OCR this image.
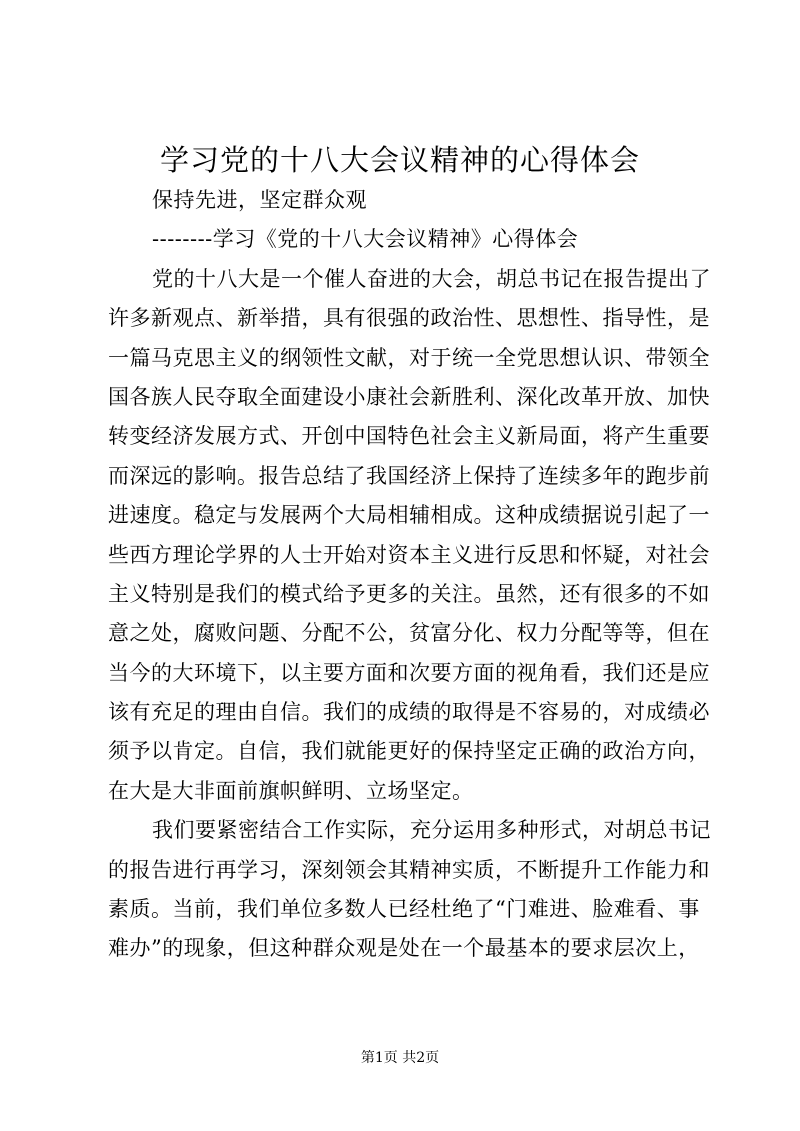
学习党的十八大会议精神的心得体会

保持先进，坚定群众观

--------学习《党的十八大会议精神》心得体会

党的十八大是一个催人奋进的大会，胡总书记在报告提出了

许多新观点、新举措，具有很强的政治性、思想性、指导性，是

一篇马克思主义的纲领性文献，对于统一全党思想认识、带领全

国各族人民夺取全面建设小康社会新胜利、深化改革开放、加快

转变经济发展方式、开创中国特色社会主义新局面，将产生重要

而深远的影响。报告总结了我国经济上保持了连续多年的跑步前

进速度。稳定与发展两个大局相辅相成。这种成绩据说引起了一

些西方理论学界的人士开始对资本主义进行反思和怀疑，对社会

主义特别是我们的模式给予更多的关注。虽然，还有很多的不如

意之处，腐败问题、分配不公，贫富分化、权力分配等等，但在

当今的大环境下，以主要方面和次要方面的视角看，我们还是应

该有充足的理由自信。我们的成绩的取得是不容易的，对成绩必

须予以肯定。自信，我们就能更好的保持坚定正确的政治方向，

在大是大非面前旗帜鲜明、立场坚定。

我们要紧密结合工作实际，充分运用多种形式，对胡总书记

的报告进行再学习，深刻领会其精神实质，不断提升工作能力和

素质。当前，我们单位多数人已经杜绝了“门难进、脸难看、事

难办”的现象，但这种群众观是处在一个最基本的要求层次上，

第1页 共2页
